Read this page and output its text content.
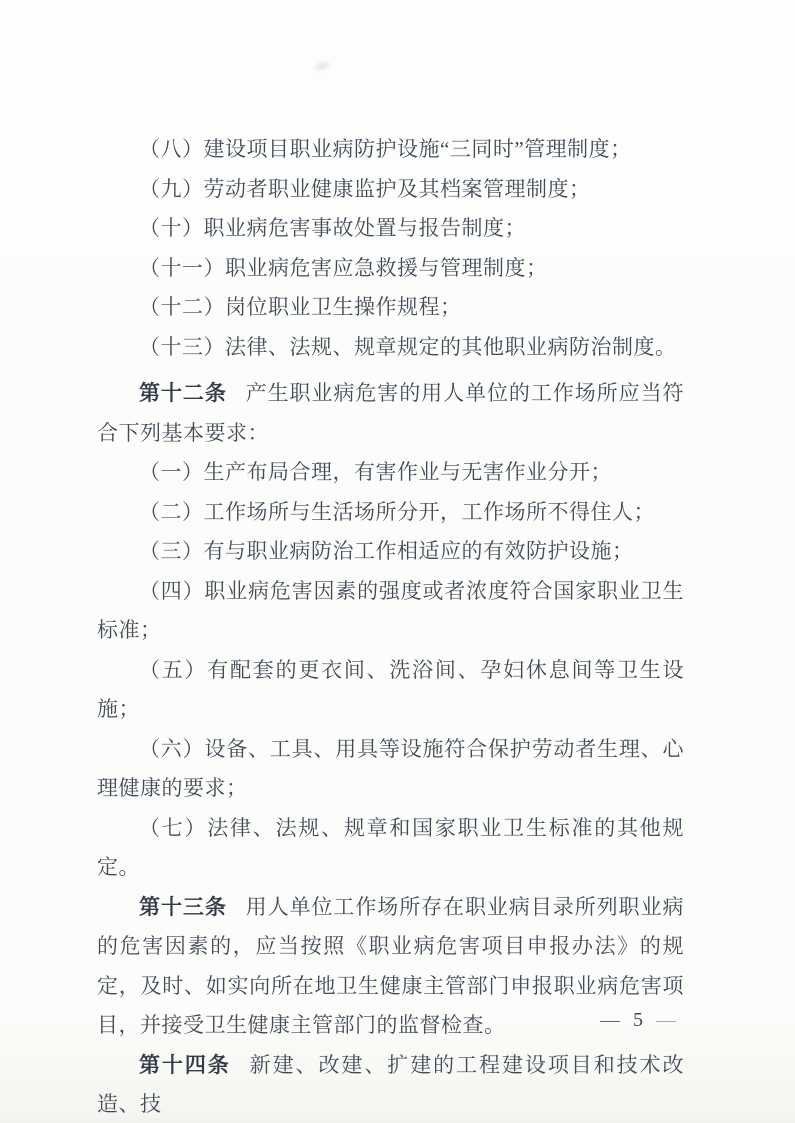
（八）建设项目职业病防护设施“三同时”管理制度；

（九）劳动者职业健康监护及其档案管理制度；

（十）职业病危害事故处置与报告制度；

（十一）职业病危害应急救援与管理制度；

（十二）岗位职业卫生操作规程；

（十三）法律、法规、规章规定的其他职业病防治制度。

第十二条 产生职业病危害的用人单位的工作场所应当符合下列基本要求：

（一）生产布局合理，有害作业与无害作业分开；

（二）工作场所与生活场所分开，工作场所不得住人；

（三）有与职业病防治工作相适应的有效防护设施；

（四）职业病危害因素的强度或者浓度符合国家职业卫生标准；

（五）有配套的更衣间、洗浴间、孕妇休息间等卫生设施；

（六）设备、工具、用具等设施符合保护劳动者生理、心理健康的要求；

（七）法律、法规、规章和国家职业卫生标准的其他规定。

第十三条 用人单位工作场所存在职业病目录所列职业病的危害因素的，应当按照《职业病危害项目申报办法》的规定，及时、如实向所在地卫生健康主管部门申报职业病危害项目，并接受卫生健康主管部门的监督检查。

第十四条 新建、改建、扩建的工程建设项目和技术改造、技

— 5 —
